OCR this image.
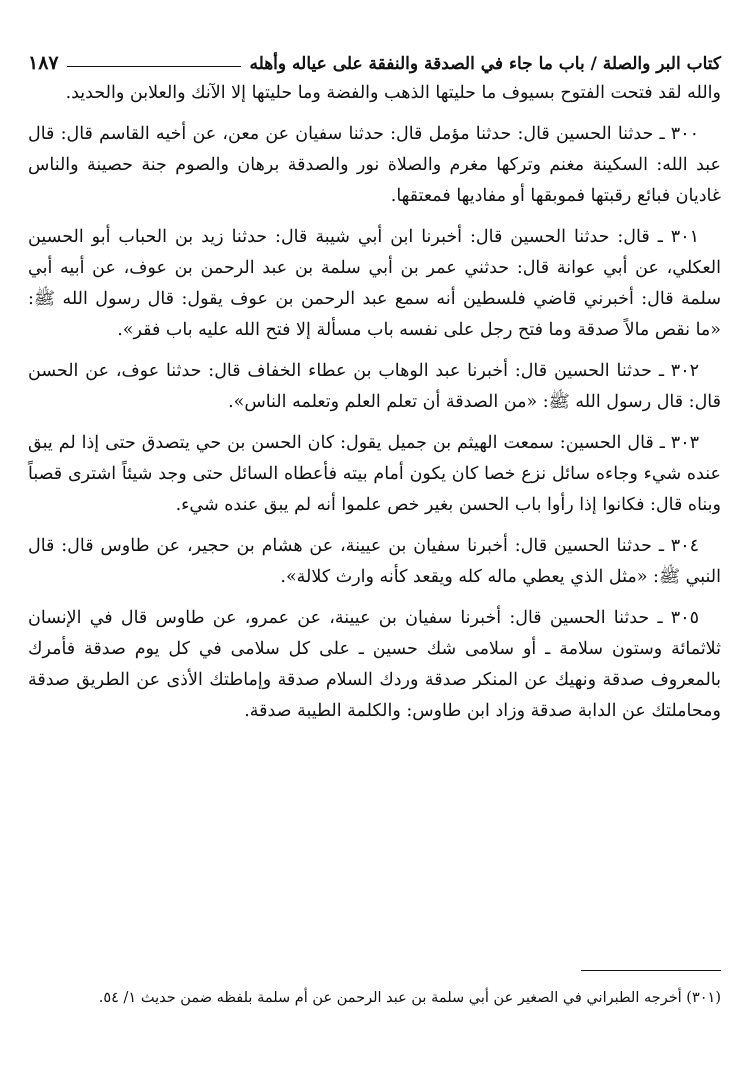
كتاب البر والصلة / باب ما جاء في الصدقة والنفقة على عياله وأهله
١٨٧

والله لقد فتحت الفتوح بسيوف ما حليتها الذهب والفضة وما حليتها إلا الآنك والعلابن والحديد.

٣٠٠ ـ حدثنا الحسين قال: حدثنا مؤمل قال: حدثنا سفيان عن معن، عن أخيه القاسم قال: قال عبد الله: السكينة مغنم وتركها مغرم والصلاة نور والصدقة برهان والصوم جنة حصينة والناس غاديان فبائع رقبتها فموبقها أو مفاديها فمعتقها.

٣٠١ ـ قال: حدثنا الحسين قال: أخبرنا ابن أبي شيبة قال: حدثنا زيد بن الحباب أبو الحسين العكلي، عن أبي عوانة قال: حدثني عمر بن أبي سلمة بن عبد الرحمن بن عوف، عن أبيه أبي سلمة قال: أخبرني قاضي فلسطين أنه سمع عبد الرحمن بن عوف يقول: قال رسول الله ﷺ: «ما نقص مالاً صدقة وما فتح رجل على نفسه باب مسألة إلا فتح الله عليه باب فقر».

٣٠٢ ـ حدثنا الحسين قال: أخبرنا عبد الوهاب بن عطاء الخفاف قال: حدثنا عوف، عن الحسن قال: قال رسول الله ﷺ: «من الصدقة أن تعلم العلم وتعلمه الناس».

٣٠٣ ـ قال الحسين: سمعت الهيثم بن جميل يقول: كان الحسن بن حي يتصدق حتى إذا لم يبق عنده شيء وجاءه سائل نزع خصا كان يكون أمام بيته فأعطاه السائل حتى وجد شيئاً اشترى قصباً وبناه قال: فكانوا إذا رأوا باب الحسن بغير خص علموا أنه لم يبق عنده شيء.

٣٠٤ ـ حدثنا الحسين قال: أخبرنا سفيان بن عيينة، عن هشام بن حجير، عن طاوس قال: قال النبي ﷺ: «مثل الذي يعطي ماله كله ويقعد كأنه وارث كلالة».

٣٠٥ ـ حدثنا الحسين قال: أخبرنا سفيان بن عيينة، عن عمرو، عن طاوس قال في الإنسان ثلاثمائة وستون سلامة ـ أو سلامى شك حسين ـ على كل سلامى في كل يوم صدقة فأمرك بالمعروف صدقة ونهيك عن المنكر صدقة وردك السلام صدقة وإماطتك الأذى عن الطريق صدقة ومحاملتك عن الدابة صدقة وزاد ابن طاوس: والكلمة الطيبة صدقة.

(٣٠١) أخرجه الطبراني في الصغير عن أبي سلمة بن عبد الرحمن عن أم سلمة بلفظه ضمن حديث ١/ ٥٤.
